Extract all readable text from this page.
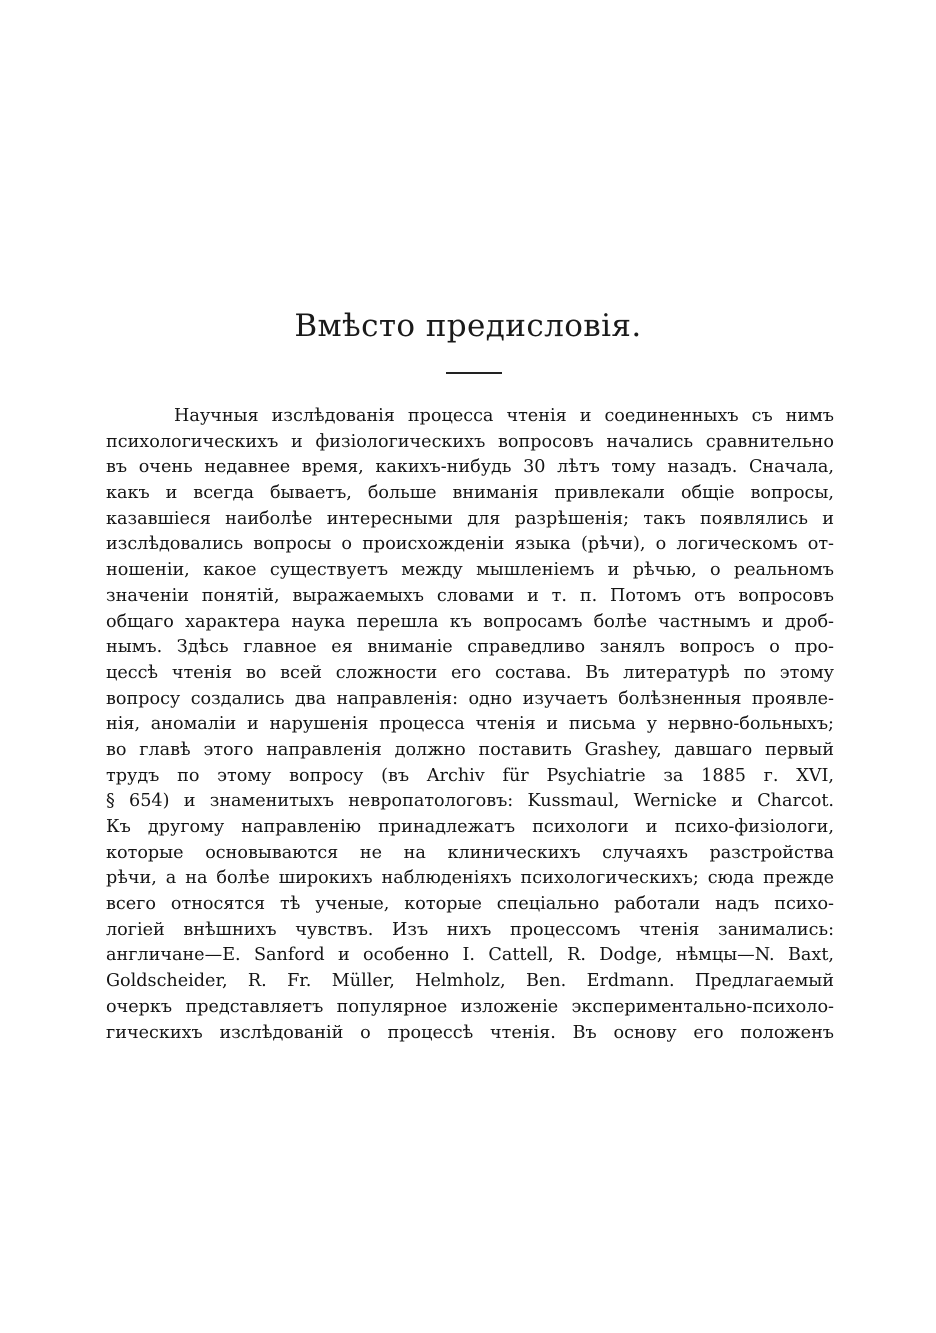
Вмѣсто предисловія.
Научныя изслѣдованія процесса чтенія и соединенныхъ съ нимъ
психологическихъ и физіологическихъ вопросовъ начались сравнительно
въ очень недавнее время, какихъ-нибудь 30 лѣтъ тому назадъ. Сначала,
какъ и всегда бываетъ, больше вниманія привлекали общіе вопросы,
казавшіеся наиболѣе интересными для разрѣшенія; такъ появлялись и
изслѣдовались вопросы о происхожденіи языка (рѣчи), о логическомъ от-
ношеніи, какое существуетъ между мышленіемъ и рѣчью, о реальномъ
значеніи понятій, выражаемыхъ словами и т. п. Потомъ отъ вопросовъ
общаго характера наука перешла къ вопросамъ болѣе частнымъ и дроб-
нымъ. Здѣсь главное ея вниманіе справедливо занялъ вопросъ о про-
цессѣ чтенія во всей сложности его состава. Въ литературѣ по этому
вопросу создались два направленія: одно изучаетъ болѣзненныя проявле-
нія, аномаліи и нарушенія процесса чтенія и письма у нервно-больныхъ;
во главѣ этого направленія должно поставить Grashey, давшаго первый
трудъ по этому вопросу (въ Archiv für Psychiatrie за 1885 г. XVI,
§ 654) и знаменитыхъ невропатологовъ: Kussmaul, Wernicke и Charcot.
Къ другому направленію принадлежатъ психологи и психо-физіологи,
которые основываются не на клиническихъ случаяхъ разстройства
рѣчи, а на болѣе широкихъ наблюденіяхъ психологическихъ; сюда прежде
всего относятся тѣ ученые, которые спеціально работали надъ психо-
логіей внѣшнихъ чувствъ. Изъ нихъ процессомъ чтенія занимались:
англичане—E. Sanford и особенно I. Cattell, R. Dodge, нѣмцы—N. Baxt,
Goldscheider, R. Fr. Müller, Helmholz, Ben. Erdmann. Предлагаемый
очеркъ представляетъ популярное изложеніе экспериментально-психоло-
гическихъ изслѣдованій о процессѣ чтенія. Въ основу его положенъ
